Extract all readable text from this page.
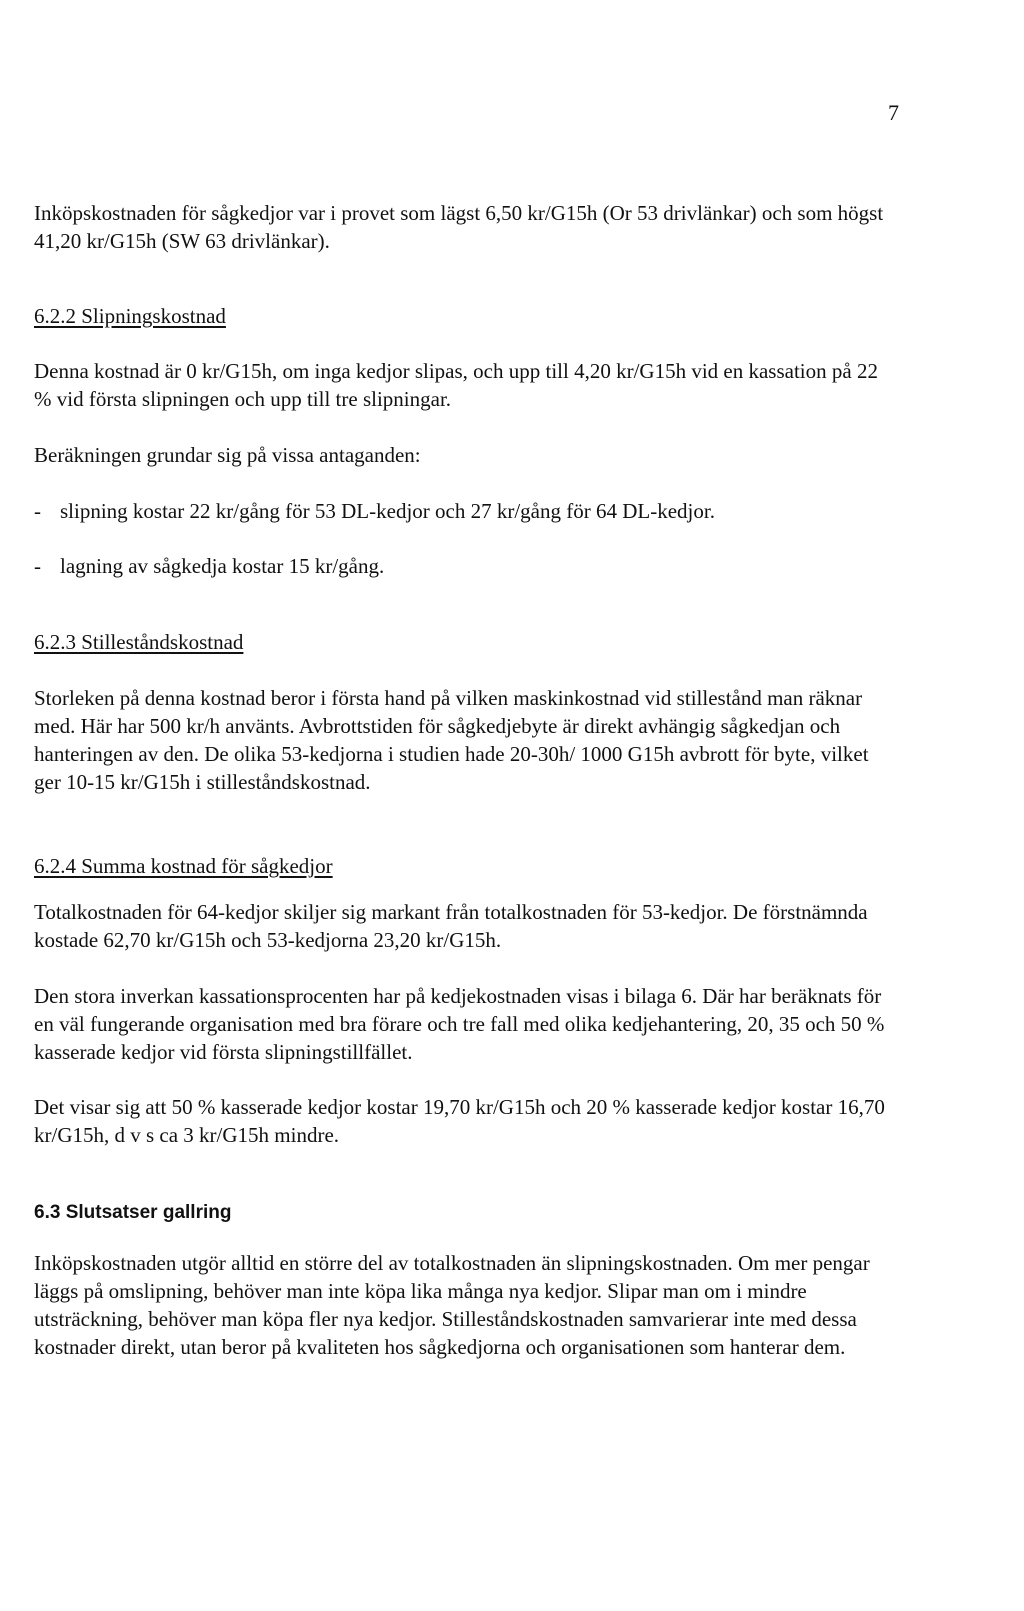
7

Inköpskostnaden för sågkedjor var i provet som lägst 6,50 kr/G15h (Or 53 drivlänkar) och som högst 41,20 kr/G15h (SW 63 drivlänkar).

6.2.2 Slipningskostnad

Denna kostnad är 0 kr/G15h, om inga kedjor slipas, och upp till 4,20 kr/G15h vid en kassation på 22 % vid första slipningen och upp till tre slipningar.

Beräkningen grundar sig på vissa antaganden:

- slipning kostar 22 kr/gång för 53 DL-kedjor och 27 kr/gång för 64 DL-kedjor.

- lagning av sågkedja kostar 15 kr/gång.

6.2.3 Stilleståndskostnad

Storleken på denna kostnad beror i första hand på vilken maskinkostnad vid stillestånd man räknar med. Här har 500 kr/h använts. Avbrottstiden för sågkedjebyte är direkt avhängig sågkedjan och hanteringen av den. De olika 53-kedjorna i studien hade 20-30h/ 1000 G15h avbrott för byte, vilket ger 10-15 kr/G15h i stilleståndskostnad.

6.2.4 Summa kostnad för sågkedjor

Totalkostnaden för 64-kedjor skiljer sig markant från totalkostnaden för 53-kedjor. De förstnämnda kostade 62,70 kr/G15h och 53-kedjorna 23,20 kr/G15h.

Den stora inverkan kassationsprocenten har på kedjekostnaden visas i bilaga 6. Där har beräknats för en väl fungerande organisation med bra förare och tre fall med olika kedjehantering, 20, 35 och 50 % kasserade kedjor vid första slipningstillfället.

Det visar sig att 50 % kasserade kedjor kostar 19,70 kr/G15h och 20 % kasserade kedjor kostar 16,70 kr/G15h, d v s ca 3 kr/G15h mindre.

6.3 Slutsatser gallring

Inköpskostnaden utgör alltid en större del av totalkostnaden än slipningskostnaden. Om mer pengar läggs på omslipning, behöver man inte köpa lika många nya kedjor. Slipar man om i mindre utsträckning, behöver man köpa fler nya kedjor. Stilleståndskostnaden samvarierar inte med dessa kostnader direkt, utan beror på kvaliteten hos sågkedjorna och organisationen som hanterar dem.
